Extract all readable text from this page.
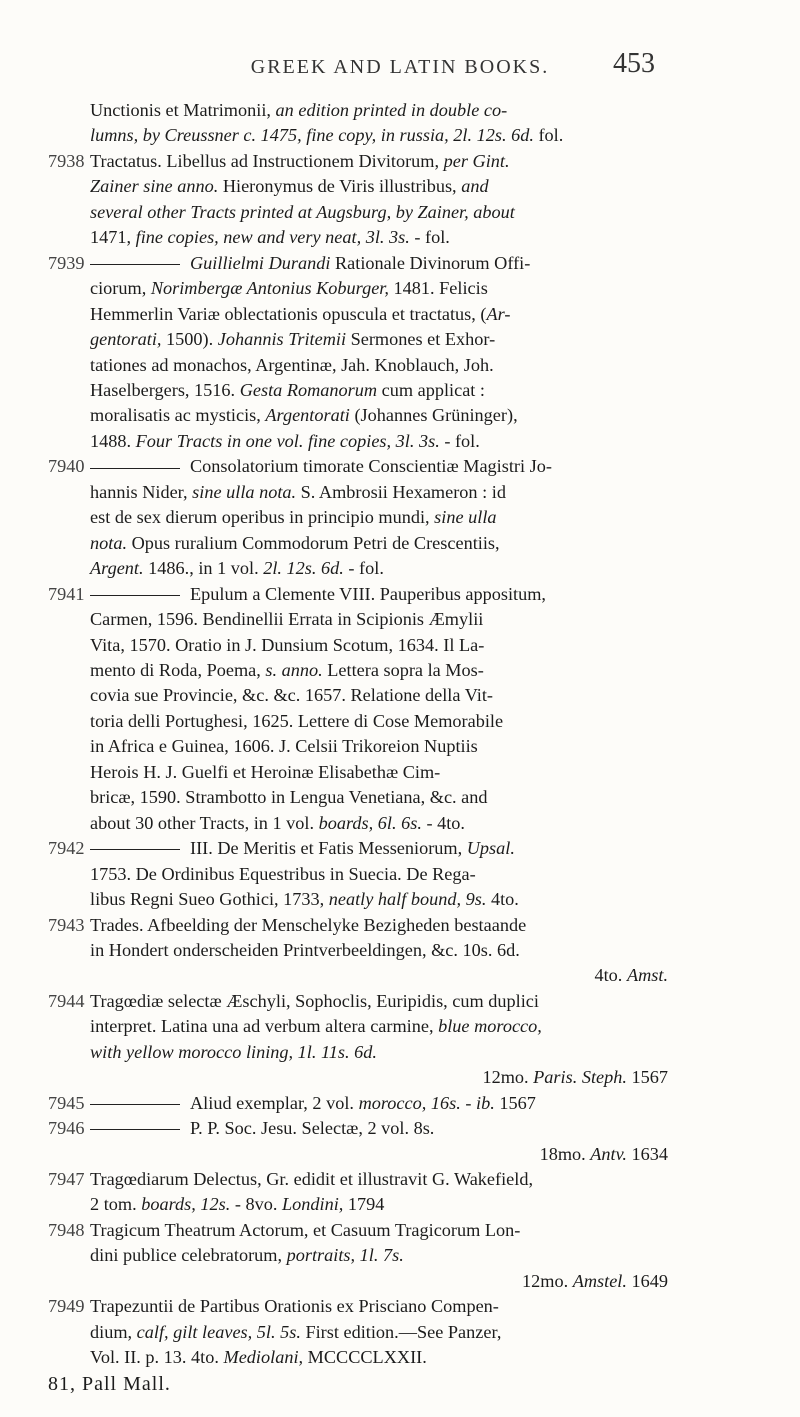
GREEK AND LATIN BOOKS.	453
Unctionis et Matrimonii, an edition printed in double co-
lumns, by Creussner c. 1475, fine copy, in russia, 2l. 12s. 6d. fol.
7938 Tractatus. Libellus ad Instructionem Divitorum, per Gint.
Zainer sine anno. Hieronymus de Viris illustribus, and
several other Tracts printed at Augsburg, by Zainer, about
1471, fine copies, new and very neat, 3l. 3s. - fol.
7939	Guillielmi Durandi Rationale Divinorum Offi-
ciorum, Norimbergæ Antonius Koburger, 1481. Felicis
Hemmerlin Variæ oblectationis opuscula et tractatus, (Ar-
gentorati, 1500). Johannis Tritemii Sermones et Exhor-
tationes ad monachos, Argentinæ, Jah. Knoblauch, Joh.
Haselbergers, 1516. Gesta Romanorum cum applicat :
moralisatis ac mysticis, Argentorati (Johannes Grüninger),
1488. Four Tracts in one vol. fine copies, 3l. 3s. - fol.
7940	Consolatorium timorate Conscientiæ Magistri Jo-
hannis Nider, sine ulla nota. S. Ambrosii Hexameron : id
est de sex dierum operibus in principio mundi, sine ulla
nota. Opus ruralium Commodorum Petri de Crescentiis,
Argent. 1486., in 1 vol. 2l. 12s. 6d. - fol.
7941	Epulum a Clemente VIII. Pauperibus appositum,
Carmen, 1596. Bendinellii Errata in Scipionis Æmylii
Vita, 1570. Oratio in J. Dunsium Scotum, 1634. Il La-
mento di Roda, Poema, s. anno. Lettera sopra la Mos-
covia sue Provincie, &c. &c. 1657. Relatione della Vit-
toria delli Portughesi, 1625. Lettere di Cose Memorabile
in Africa e Guinea, 1606. J. Celsii Trikoreion Nuptiis
Herois H. J. Guelfi et Heroinæ Elisabethæ Cim-
bricæ, 1590. Strambotto in Lengua Venetiana, &c. and
about 30 other Tracts, in 1 vol. boards, 6l. 6s. - 4to.
7942	III. De Meritis et Fatis Messeniorum, Upsal.
1753. De Ordinibus Equestribus in Suecia. De Rega-
libus Regni Sueo Gothici, 1733, neatly half bound, 9s. 4to.
7943 Trades. Afbeelding der Menschelyke Bezigheden bestaande
in Hondert onderscheiden Printverbeeldingen, &c. 10s. 6d.
4to. Amst.
7944 Tragœdiæ selectæ Æschyli, Sophoclis, Euripidis, cum duplici
interpret. Latina una ad verbum altera carmine, blue morocco,
with yellow morocco lining, 1l. 11s. 6d.
12mo. Paris. Steph. 1567
7945	Aliud exemplar, 2 vol. morocco, 16s. - ib. 1567
7946	P. P. Soc. Jesu. Selectæ, 2 vol. 8s.
18mo. Antv. 1634
7947 Tragœdiarum Delectus, Gr. edidit et illustravit G. Wakefield,
2 tom. boards, 12s. - 8vo. Londini, 1794
7948 Tragicum Theatrum Actorum, et Casuum Tragicorum Lon-
dini publice celebratorum, portraits, 1l. 7s.
12mo. Amstel. 1649
7949 Trapezuntii de Partibus Orationis ex Prisciano Compen-
dium, calf, gilt leaves, 5l. 5s. First edition.—See Panzer,
Vol. II. p. 13. 4to. Mediolani, MCCCCLXXII.
81, Pall Mall.
